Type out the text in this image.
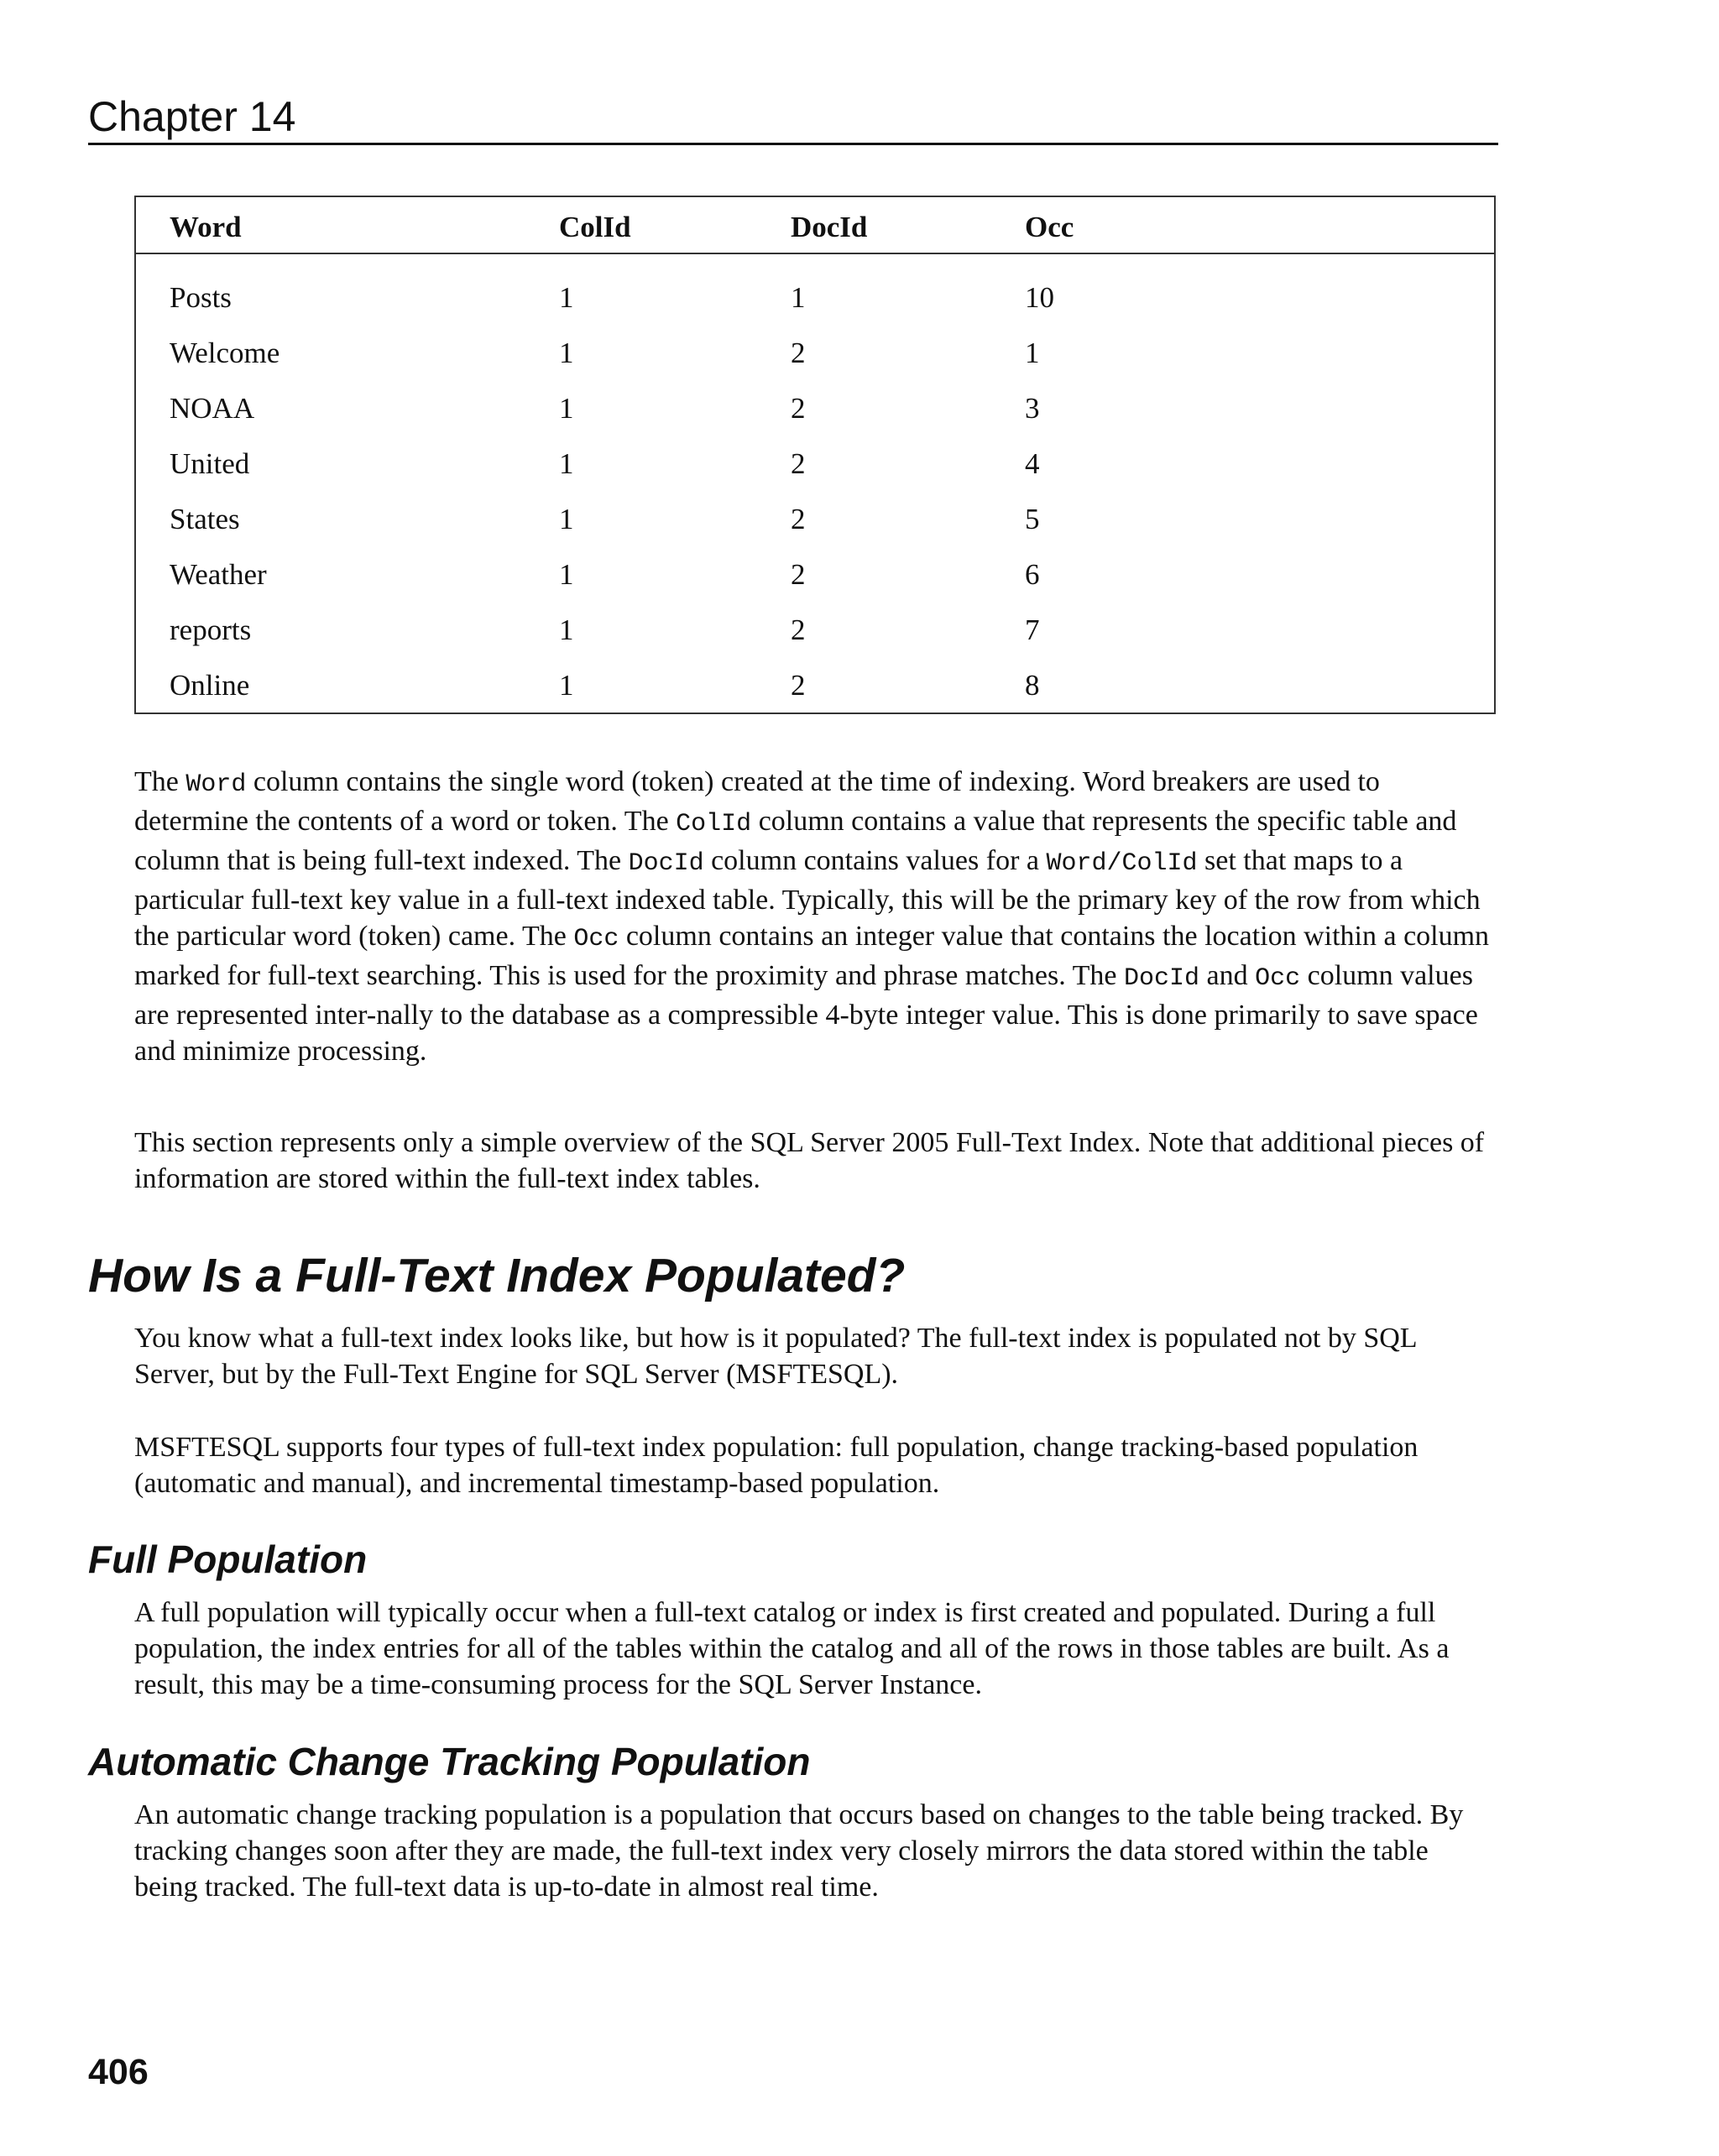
Chapter 14
Word	ColId	DocId	Occ
Posts	1	1	10
Welcome	1	2	1
NOAA	1	2	3
United	1	2	4
States	1	2	5
Weather	1	2	6
reports	1	2	7
Online	1	2	8

The Word column contains the single word (token) created at the time of indexing. Word breakers are used to determine the contents of a word or token. The ColId column contains a value that represents the specific table and column that is being full-text indexed. The DocId column contains values for a Word/ColId set that maps to a particular full-text key value in a full-text indexed table. Typically, this will be the primary key of the row from which the particular word (token) came. The Occ column contains an integer value that contains the location within a column marked for full-text searching. This is used for the proximity and phrase matches. The DocId and Occ column values are represented inter-nally to the database as a compressible 4-byte integer value. This is done primarily to save space and minimize processing.

This section represents only a simple overview of the SQL Server 2005 Full-Text Index. Note that additional pieces of information are stored within the full-text index tables.

How Is a Full-Text Index Populated?

You know what a full-text index looks like, but how is it populated? The full-text index is populated not by SQL Server, but by the Full-Text Engine for SQL Server (MSFTESQL).

MSFTESQL supports four types of full-text index population: full population, change tracking-based population (automatic and manual), and incremental timestamp-based population.

Full Population

A full population will typically occur when a full-text catalog or index is first created and populated. During a full population, the index entries for all of the tables within the catalog and all of the rows in those tables are built. As a result, this may be a time-consuming process for the SQL Server Instance.

Automatic Change Tracking Population

An automatic change tracking population is a population that occurs based on changes to the table being tracked. By tracking changes soon after they are made, the full-text index very closely mirrors the data stored within the table being tracked. The full-text data is up-to-date in almost real time.

406
